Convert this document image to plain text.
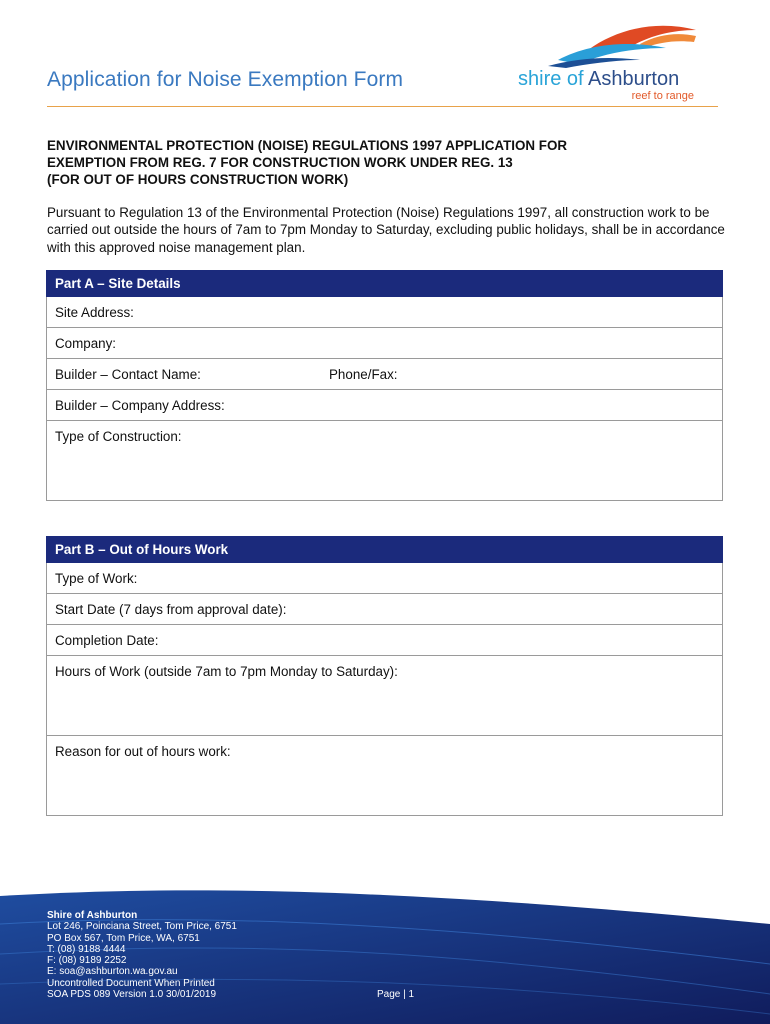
Application for Noise Exemption Form	shire of Ashburton
reef to range
ENVIRONMENTAL PROTECTION (NOISE) REGULATIONS 1997 APPLICATION FOR
EXEMPTION FROM REG. 7 FOR CONSTRUCTION WORK UNDER REG. 13
(FOR OUT OF HOURS CONSTRUCTION WORK)
Pursuant to Regulation 13 of the Environmental Protection (Noise) Regulations 1997, all construction work to be carried out outside the hours of 7am to 7pm Monday to Saturday, excluding public holidays, shall be in accordance with this approved noise management plan.
Part A – Site Details
Site Address:
Company:
Builder – Contact Name:	Phone/Fax:

Builder – Company Address:
Type of Construction:
Part B – Out of Hours Work
Type of Work:
Start Date (7 days from approval date):
Completion Date:
Hours of Work (outside 7am to 7pm Monday to Saturday):
Reason for out of hours work:
Shire of Ashburton
Lot 246, Poinciana Street, Tom Price, 6751
PO Box 567, Tom Price, WA, 6751
T: (08) 9188 4444
F: (08) 9189 2252
E: soa@ashburton.wa.gov.au
Uncontrolled Document When Printed
SOA PDS 089 Version 1.0 30/01/2019	Page | 1
